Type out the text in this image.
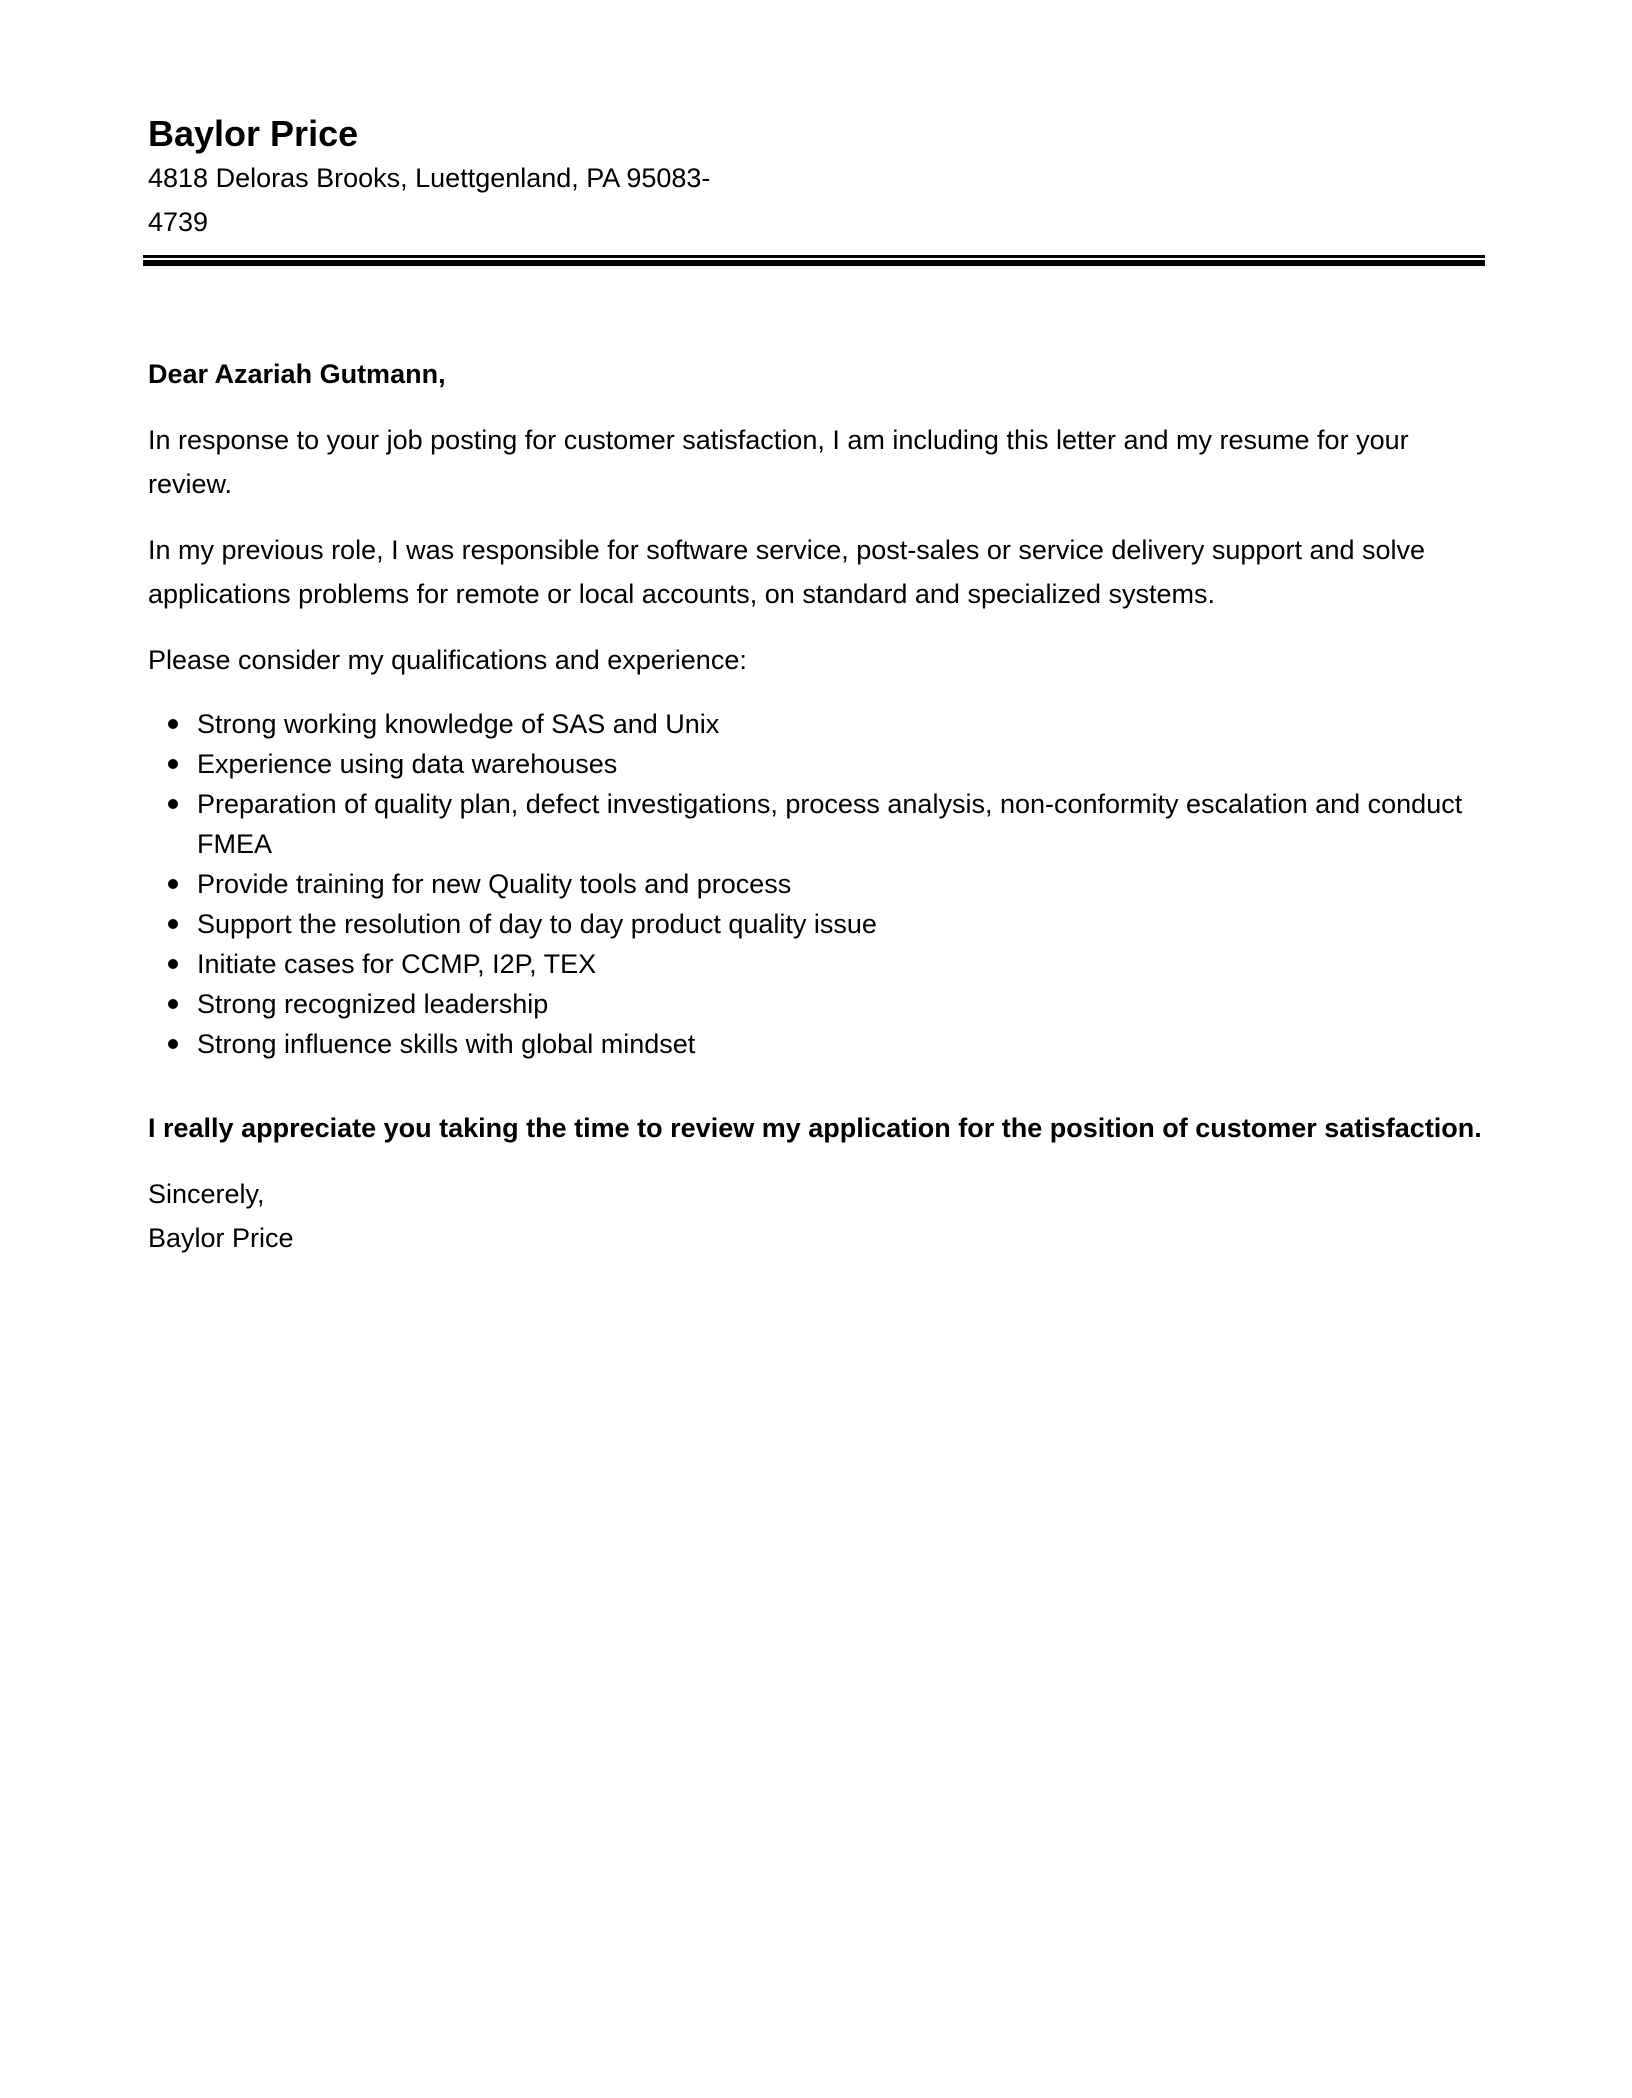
Baylor Price

4818 Deloras Brooks, Luettgenland, PA 95083-4739

Dear Azariah Gutmann,

In response to your job posting for customer satisfaction, I am including this letter and my resume for your review.

In my previous role, I was responsible for software service, post-sales or service delivery support and solve applications problems for remote or local accounts, on standard and specialized systems.

Please consider my qualifications and experience:

Strong working knowledge of SAS and Unix
Experience using data warehouses
Preparation of quality plan, defect investigations, process analysis, non-conformity escalation and conduct FMEA
Provide training for new Quality tools and process
Support the resolution of day to day product quality issue
Initiate cases for CCMP, I2P, TEX
Strong recognized leadership
Strong influence skills with global mindset

I really appreciate you taking the time to review my application for the position of customer satisfaction.

Sincerely,

Baylor Price
